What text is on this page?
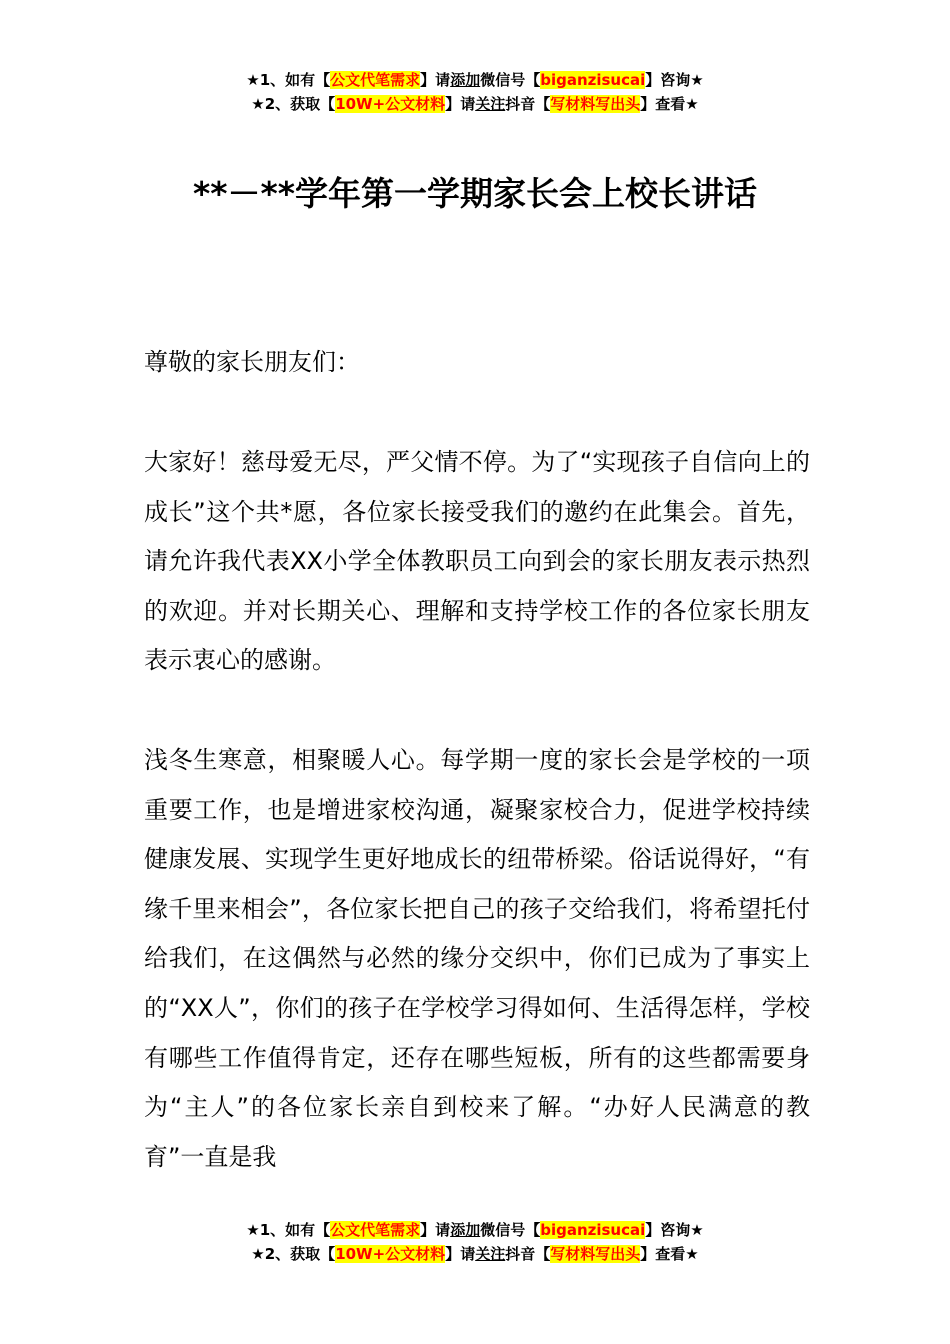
★1、如有【公文代笔需求】请添加微信号【biganzisucai】咨询★
★2、获取【10W+公文材料】请关注抖音【写材料写出头】查看★
**－**学年第一学期家长会上校长讲话

尊敬的家长朋友们：

大家好！慈母爱无尽，严父情不停。为了“实现孩子自信向上的成长”这个共*愿，各位家长接受我们的邀约在此集会。首先，请允许我代表XX小学全体教职员工向到会的家长朋友表示热烈的欢迎。并对长期关心、理解和支持学校工作的各位家长朋友表示衷心的感谢。

浅冬生寒意，相聚暖人心。每学期一度的家长会是学校的一项重要工作，也是增进家校沟通，凝聚家校合力，促进学校持续健康发展、实现学生更好地成长的纽带桥梁。俗话说得好，“有缘千里来相会”，各位家长把自己的孩子交给我们，将希望托付给我们，在这偶然与必然的缘分交织中，你们已成为了事实上的“XX人”，你们的孩子在学校学习得如何、生活得怎样，学校有哪些工作值得肯定，还存在哪些短板，所有的这些都需要身为“主人”的各位家长亲自到校来了解。“办好人民满意的教育”一直是我

★1、如有【公文代笔需求】请添加微信号【biganzisucai】咨询★
★2、获取【10W+公文材料】请关注抖音【写材料写出头】查看★
